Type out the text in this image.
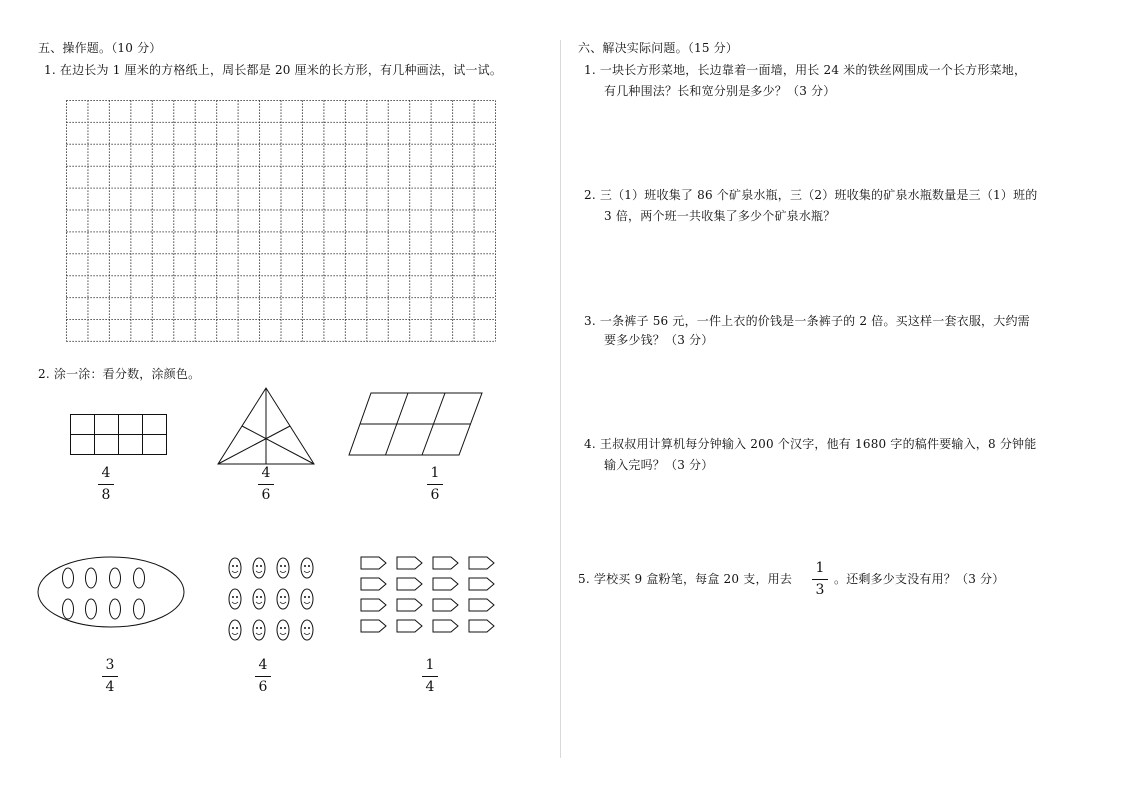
五、操作题。（10 分）
1. 在边长为 1 厘米的方格纸上，周长都是 20 厘米的长方形，有几种画法，试一试。
2. 涂一涂：看分数，涂颜色。
4
8
4
6
1
6
3
4
4
6
1
4
六、解决实际问题。（15 分）
1. 一块长方形菜地，长边靠着一面墙，用长 24 米的铁丝网围成一个长方形菜地，
有几种围法？长和宽分别是多少？（3 分）
2. 三（1）班收集了 86 个矿泉水瓶，三（2）班收集的矿泉水瓶数量是三（1）班的
3 倍，两个班一共收集了多少个矿泉水瓶？
3. 一条裤子 56 元，一件上衣的价钱是一条裤子的 2 倍。买这样一套衣服，大约需
要多少钱？（3 分）
4. 王叔叔用计算机每分钟输入 200 个汉字，他有 1680 字的稿件要输入，8 分钟能
输入完吗？（3 分）
5. 学校买 9 盒粉笔，每盒 20 支，用去
1
3
。还剩多少支没有用？（3 分）
